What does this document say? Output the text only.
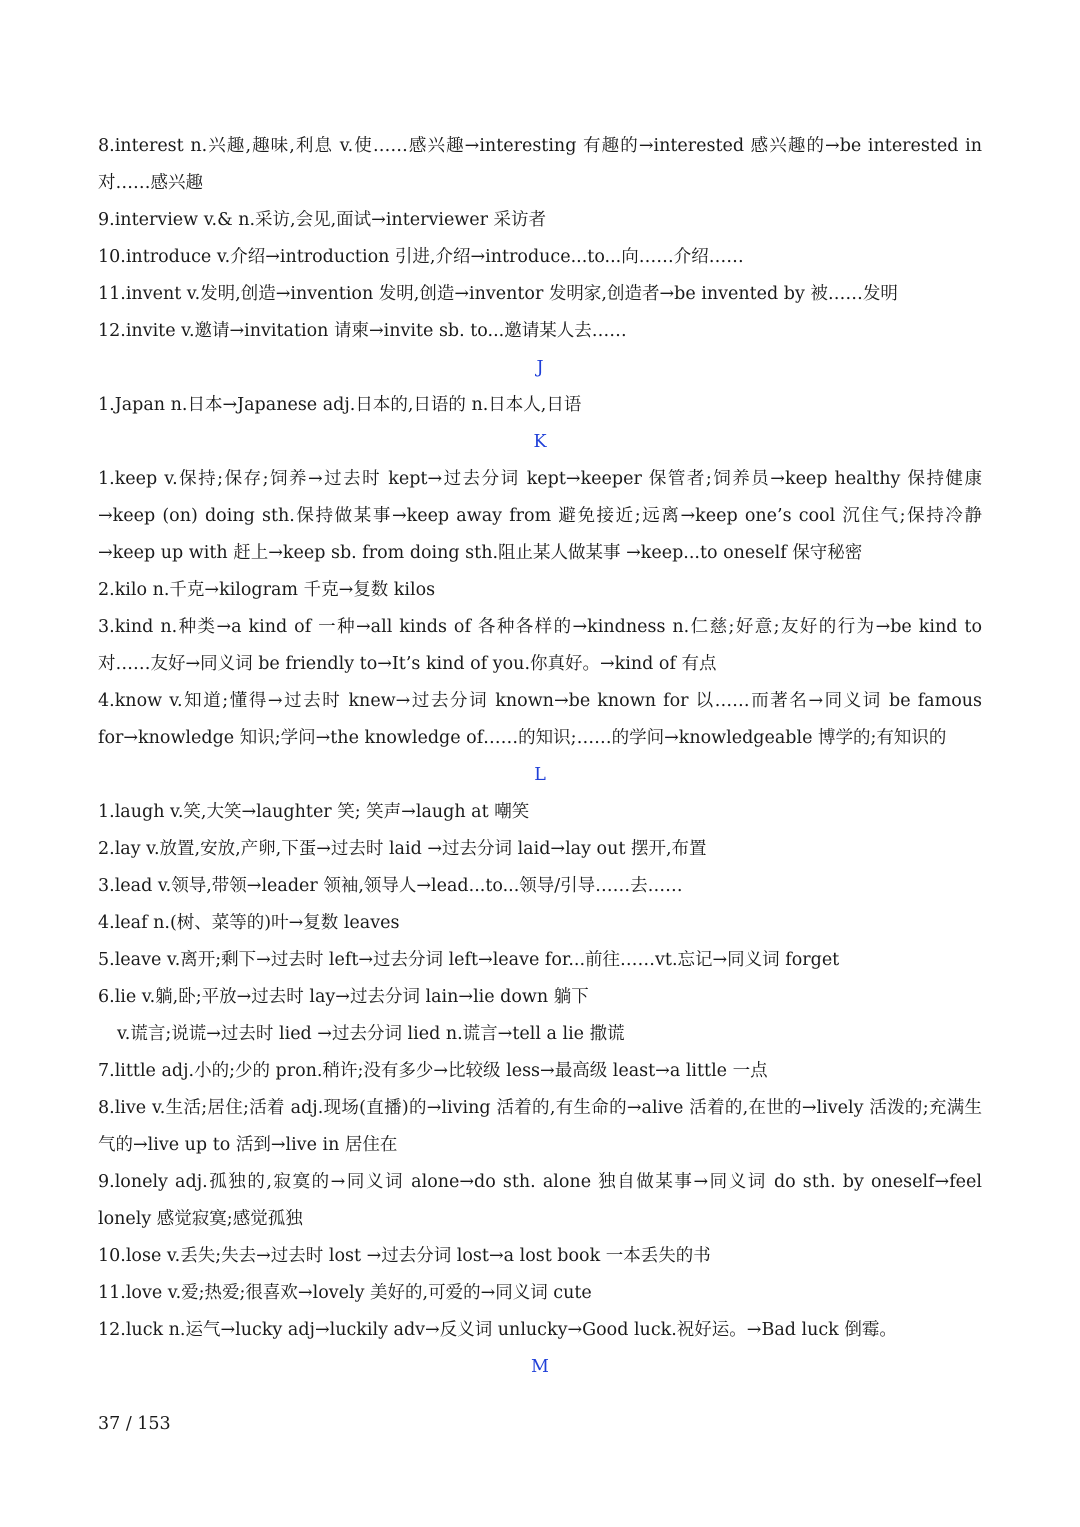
8.interest n.兴趣,趣味,利息 v.使……感兴趣→interesting 有趣的→interested 感兴趣的→be interested in 对……感兴趣

9.interview v.& n.采访,会见,面试→interviewer 采访者

10.introduce v.介绍→introduction 引进,介绍→introduce...to...向……介绍……

11.invent v.发明,创造→invention 发明,创造→inventor 发明家,创造者→be invented by 被……发明

12.invite v.邀请→invitation 请柬→invite sb. to...邀请某人去……

J

1.Japan n.日本→Japanese adj.日本的,日语的 n.日本人,日语

K

1.keep v.保持;保存;饲养→过去时 kept→过去分词 kept→keeper 保管者;饲养员→keep healthy 保持健康→keep (on) doing sth.保持做某事→keep away from 避免接近;远离→keep one’s cool 沉住气;保持冷静→keep up with 赶上→keep sb. from doing sth.阻止某人做某事 →keep...to oneself 保守秘密

2.kilo n.千克→kilogram 千克→复数 kilos

3.kind n.种类→a kind of 一种→all kinds of 各种各样的→kindness n.仁慈;好意;友好的行为→be kind to 对……友好→同义词 be friendly to→It’s kind of you.你真好。→kind of 有点

4.know v.知道;懂得→过去时 knew→过去分词 known→be known for 以……而著名→同义词 be famous for→knowledge 知识;学问→the knowledge of……的知识;……的学问→knowledgeable 博学的;有知识的

L

1.laugh v.笑,大笑→laughter 笑; 笑声→laugh at 嘲笑

2.lay v.放置,安放,产卵,下蛋→过去时 laid →过去分词 laid→lay out 摆开,布置

3.lead v.领导,带领→leader 领袖,领导人→lead...to...领导/引导……去……

4.leaf n.(树、菜等的)叶→复数 leaves

5.leave v.离开;剩下→过去时 left→过去分词 left→leave for...前往……vt.忘记→同义词 forget

6.lie v.躺,卧;平放→过去时 lay→过去分词 lain→lie down 躺下

v.谎言;说谎→过去时 lied →过去分词 lied n.谎言→tell a lie 撒谎

7.little adj.小的;少的 pron.稍许;没有多少→比较级 less→最高级 least→a little 一点

8.live v.生活;居住;活着 adj.现场(直播)的→living 活着的,有生命的→alive 活着的,在世的→lively 活泼的;充满生气的→live up to 活到→live in 居住在

9.lonely adj.孤独的,寂寞的→同义词 alone→do sth. alone 独自做某事→同义词 do sth. by oneself→feel lonely 感觉寂寞;感觉孤独

10.lose v.丢失;失去→过去时 lost →过去分词 lost→a lost book 一本丢失的书

11.love v.爱;热爱;很喜欢→lovely 美好的,可爱的→同义词 cute

12.luck n.运气→lucky adj→luckily adv→反义词 unlucky→Good luck.祝好运。→Bad luck 倒霉。

M

37 / 153
